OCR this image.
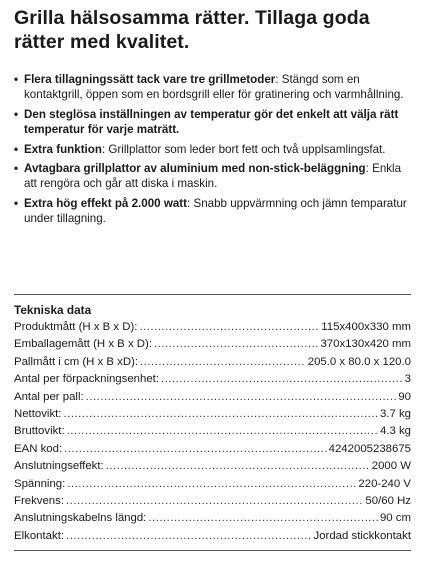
Grilla hälsosamma rätter. Tillaga goda rätter med kvalitet.
• Flera tillagningssätt tack vare tre grillmetoder: Stängd som en kontaktgrill, öppen som en bordsgrill eller för gratinering och varmhållning.
• Den steglösa inställningen av temperatur gör det enkelt att välja rätt temperatur för varje maträtt.
• Extra funktion: Grillplattor som leder bort fett och två upplsamlingsfat.
• Avtagbara grillplattor av aluminium med non-stick-beläggning: Enkla att rengöra och går att diska i maskin.
• Extra hög effekt på 2.000 watt: Snabb uppvärmning och jämn temparatur under tillagning.
Tekniska data
Produktmått (H x B x D): .....	115x400x330 mm
Emballagemått (H x B x D): .....	370x130x420 mm
Pallmått i cm (H x B xD): .....	205.0 x 80.0 x 120.0
Antal per förpackningsenhet: .....	3
Antal per pall: .....	90
Nettovikt: .....	3.7 kg
Bruttovikt: .....	4.3 kg
EAN kod: .....	4242005238675
Anslutningseffekt: .....	2000 W
Spänning: .....	220-240 V
Frekvens: .....	50/60 Hz
Anslutningskabelns längd: .....	90 cm
Elkontakt: .....	Jordad stickkontakt
